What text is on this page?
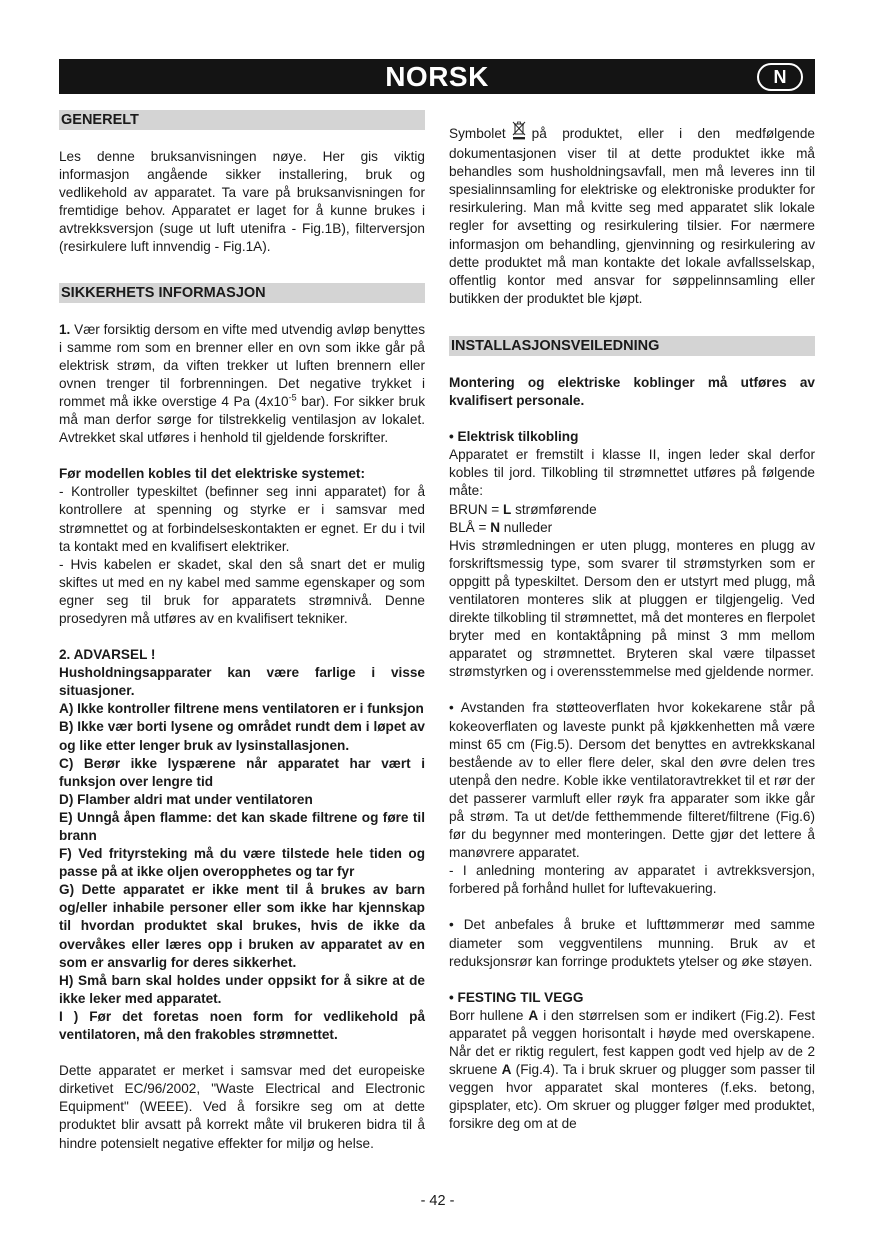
NORSK	N
GENERELT

Les denne bruksanvisningen nøye. Her gis viktig informasjon angående sikker installering, bruk og vedlikehold av apparatet. Ta vare på bruksanvisningen for fremtidige behov. Apparatet er laget for å kunne brukes i avtrekksversjon (suge ut luft utenifra - Fig.1B), filterversjon (resirkulere luft innvendig - Fig.1A).

SIKKERHETS INFORMASJON

1. Vær forsiktig dersom en vifte med utvendig avløp benyttes i samme rom som en brenner eller en ovn som ikke går på elektrisk strøm, da viften trekker ut luften brennern eller ovnen trenger til forbrenningen. Det negative trykket i rommet må ikke overstige 4 Pa ($4x10^{-5}$ bar). For sikker bruk må man derfor sørge for tilstrekkelig ventilasjon av lokalet. Avtrekket skal utføres i henhold til gjeldende forskrifter.

Før modellen kobles til det elektriske systemet:

- Kontroller typeskiltet (befinner seg inni apparatet) for å kontrollere at spenning og styrke er i samsvar med strømnettet og at forbindelseskontakten er egnet. Er du i tvil ta kontakt med en kvalifisert elektriker.

- Hvis kabelen er skadet, skal den så snart det er mulig skiftes ut med en ny kabel med samme egenskaper og som egner seg til bruk for apparatets strømnivå. Denne prosedyren må utføres av en kvalifisert tekniker.

2. ADVARSEL !

Husholdningsapparater kan være farlige i visse situasjoner.

A) Ikke kontroller filtrene mens ventilatoren er i funksjon

B) Ikke vær borti lysene og området rundt dem i løpet av og like etter lenger bruk av lysinstallasjonen.

C) Berør ikke lyspærene når apparatet har vært i funksjon over lengre tid

D) Flamber aldri mat under ventilatoren

E) Unngå åpen flamme: det kan skade filtrene og føre til brann

F) Ved frityrsteking må du være tilstede hele tiden og passe på at ikke oljen overopphetes og tar fyr

G) Dette apparatet er ikke ment til å brukes av barn og/eller inhabile personer eller som ikke har kjennskap til hvordan produktet skal brukes, hvis de ikke da overvåkes eller læres opp i bruken av apparatet av en som er ansvarlig for deres sikkerhet.

H) Små barn skal holdes under oppsikt for å sikre at de ikke leker med apparatet.

I ) Før det foretas noen form for vedlikehold på ventilatoren, må den frakobles strømnettet.

Dette apparatet er merket i samsvar med det europeiske dirketivet EC/96/2002, "Waste Electrical and Electronic Equipment" (WEEE). Ved å forsikre seg om at dette produktet blir avsatt på korrekt måte vil brukeren bidra til å hindre potensielt negative effekter for miljø og helse.

Symbolet på produktet, eller i den medfølgende dokumentasjonen viser til at dette produktet ikke må behandles som husholdningsavfall, men må leveres inn til spesialinnsamling for elektriske og elektroniske produkter for resirkulering. Man må kvitte seg med apparatet slik lokale regler for avsetting og resirkulering tilsier. For nærmere informasjon om behandling, gjenvinning og resirkulering av dette produktet må man kontakte det lokale avfallsselskap, offentlig kontor med ansvar for søppelinnsamling eller butikken der produktet ble kjøpt.

INSTALLASJONSVEILEDNING

Montering og elektriske koblinger må utføres av kvalifisert personale.

• Elektrisk tilkobling

Apparatet er fremstilt i klasse II, ingen leder skal derfor kobles til jord. Tilkobling til strømnettet utføres på følgende måte:

BRUN = L strømførende

BLÅ = N nulleder

Hvis strømledningen er uten plugg, monteres en plugg av forskriftsmessig type, som svarer til strømstyrken som er oppgitt på typeskiltet. Dersom den er utstyrt med plugg, må ventilatoren monteres slik at pluggen er tilgjengelig. Ved direkte tilkobling til strømnettet, må det monteres en flerpolet bryter med en kontaktåpning på minst 3 mm mellom apparatet og strømnettet. Bryteren skal være tilpasset strømstyrken og i overensstemmelse med gjeldende normer.

• Avstanden fra støtteoverflaten hvor kokekarene står på kokeoverflaten og laveste punkt på kjøkkenhetten må være minst 65 cm (Fig.5). Dersom det benyttes en avtrekkskanal bestående av to eller flere deler, skal den øvre delen tres utenpå den nedre. Koble ikke ventilatoravtrekket til et rør der det passerer varmluft eller røyk fra apparater som ikke går på strøm. Ta ut det/de fetthemmende filteret/filtrene (Fig.6) før du begynner med monteringen. Dette gjør det lettere å manøvrere apparatet.

- I anledning montering av apparatet i avtrekksversjon, forbered på forhånd hullet for luftevakuering.

• Det anbefales å bruke et lufttømmerør med samme diameter som veggventilens munning. Bruk av et reduksjonsrør kan forringe produktets ytelser og øke støyen.

• FESTING TIL VEGG

Borr hullene A i den størrelsen som er indikert (Fig.2). Fest apparatet på veggen horisontalt i høyde med overskapene. Når det er riktig regulert, fest kappen godt ved hjelp av de 2 skruene A (Fig.4). Ta i bruk skruer og plugger som passer til veggen hvor apparatet skal monteres (f.eks. betong, gipsplater, etc). Om skruer og plugger følger med produktet, forsikre deg om at de

- 42 -
